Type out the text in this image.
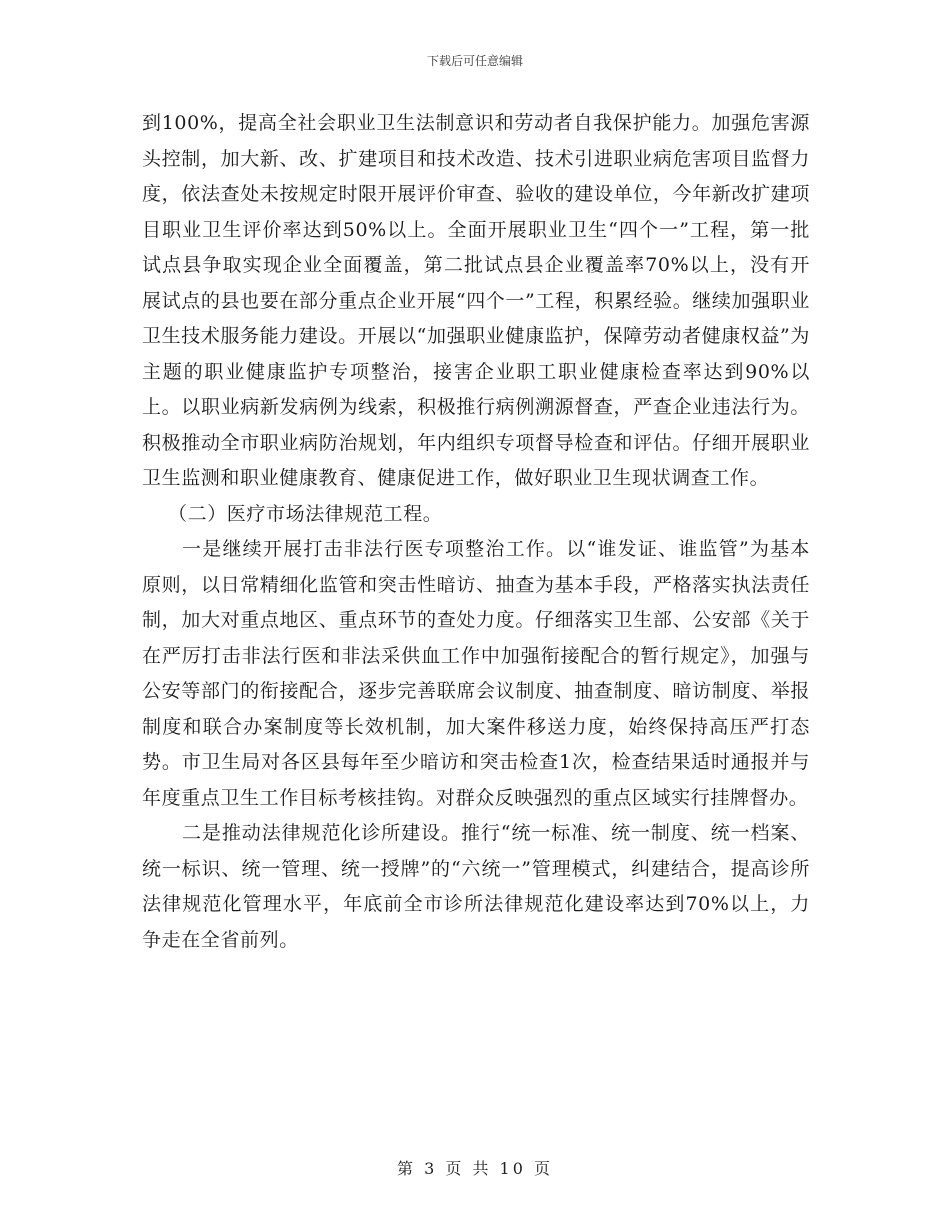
下载后可任意编辑

到100%，提高全社会职业卫生法制意识和劳动者自我保护能力。加强危害源头控制，加大新、改、扩建项目和技术改造、技术引进职业病危害项目监督力度，依法查处未按规定时限开展评价审查、验收的建设单位，今年新改扩建项目职业卫生评价率达到50%以上。全面开展职业卫生“四个一”工程，第一批试点县争取实现企业全面覆盖，第二批试点县企业覆盖率70%以上，没有开展试点的县也要在部分重点企业开展“四个一”工程，积累经验。继续加强职业卫生技术服务能力建设。开展以“加强职业健康监护，保障劳动者健康权益”为主题的职业健康监护专项整治，接害企业职工职业健康检查率达到90%以上。以职业病新发病例为线索，积极推行病例溯源督查，严查企业违法行为。积极推动全市职业病防治规划，年内组织专项督导检查和评估。仔细开展职业卫生监测和职业健康教育、健康促进工作，做好职业卫生现状调查工作。

（二）医疗市场法律规范工程。

一是继续开展打击非法行医专项整治工作。以“谁发证、谁监管”为基本原则，以日常精细化监管和突击性暗访、抽查为基本手段，严格落实执法责任制，加大对重点地区、重点环节的查处力度。仔细落实卫生部、公安部《关于在严厉打击非法行医和非法采供血工作中加强衔接配合的暂行规定》，加强与公安等部门的衔接配合，逐步完善联席会议制度、抽查制度、暗访制度、举报制度和联合办案制度等长效机制，加大案件移送力度，始终保持高压严打态势。市卫生局对各区县每年至少暗访和突击检查1次，检查结果适时通报并与年度重点卫生工作目标考核挂钩。对群众反映强烈的重点区域实行挂牌督办。

二是推动法律规范化诊所建设。推行“统一标准、统一制度、统一档案、统一标识、统一管理、统一授牌”的“六统一”管理模式，纠建结合，提高诊所法律规范化管理水平，年底前全市诊所法律规范化建设率达到70%以上，力争走在全省前列。

第 3 页 共 10 页
